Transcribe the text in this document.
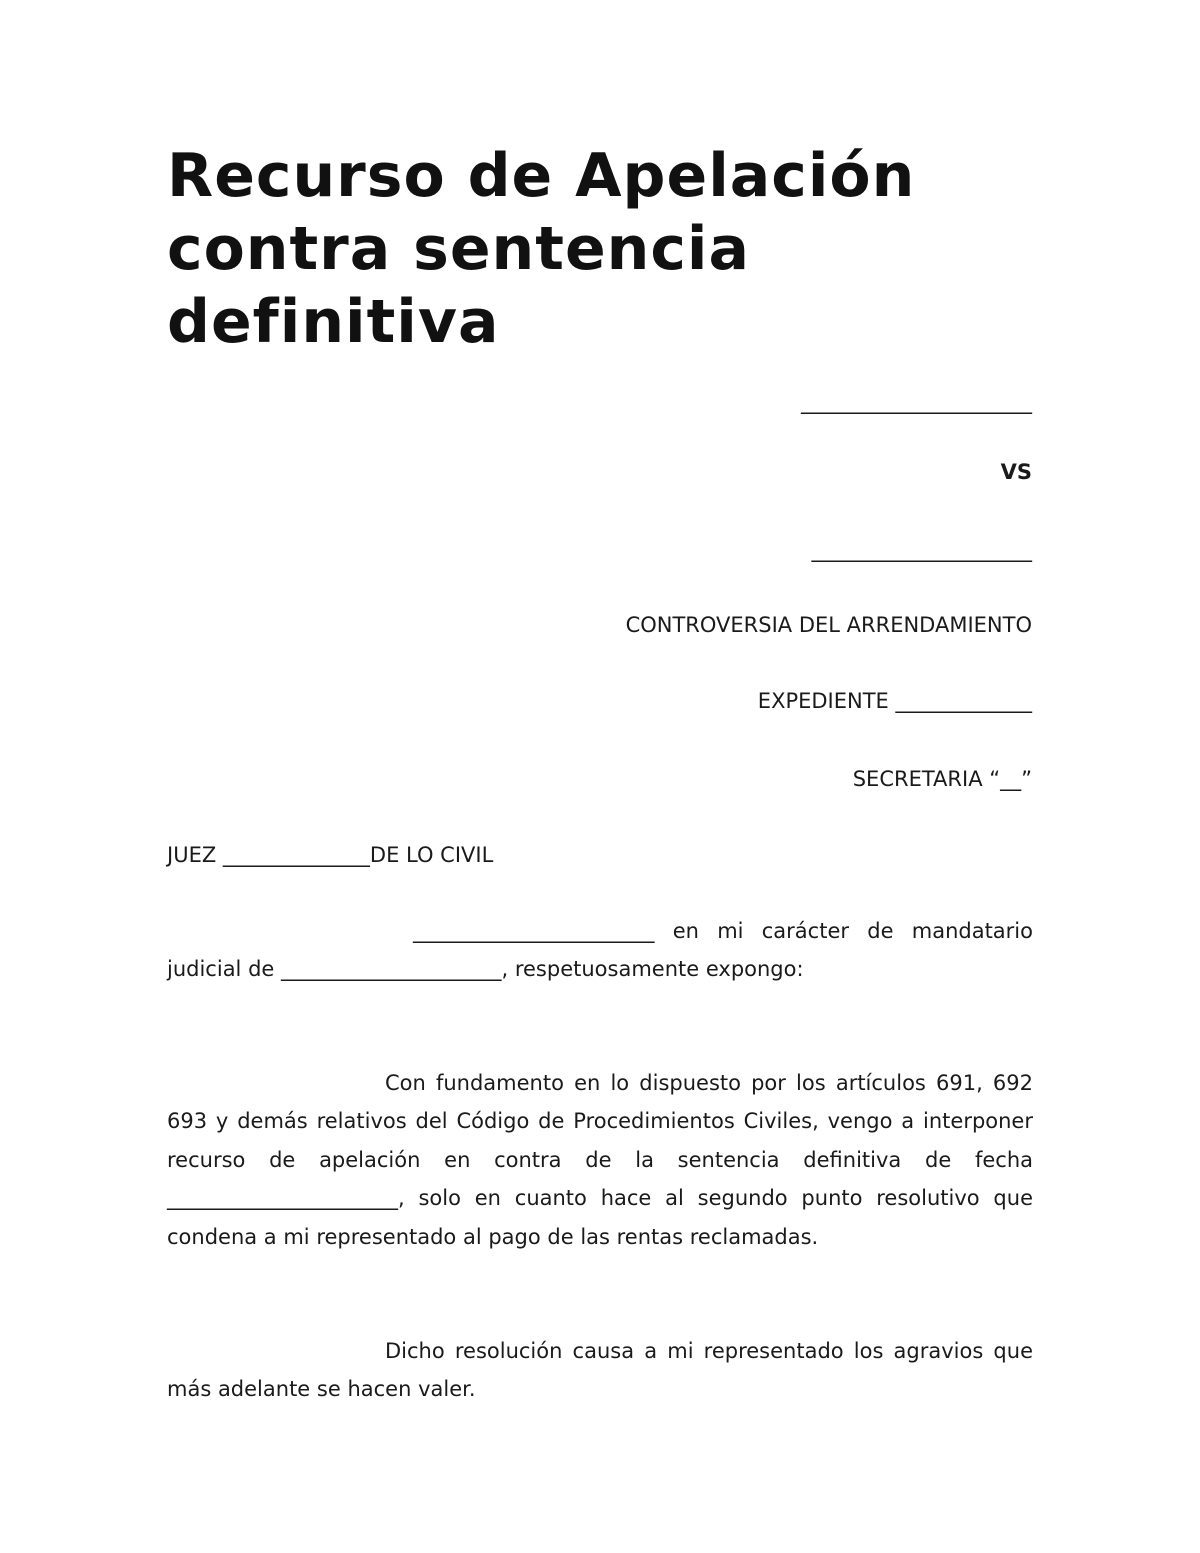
Recurso de Apelación
contra sentencia
definitiva
______________________
VS
_____________________
CONTROVERSIA DEL ARRENDAMIENTO
EXPEDIENTE _____________
SECRETARIA “__”
JUEZ ______________DE LO CIVIL

_______________________ en mi carácter de mandatario judicial de _____________________, respetuosamente expongo:

Con fundamento en lo dispuesto por los artículos 691, 692 693 y demás relativos del Código de Procedimientos Civiles, vengo a interponer recurso de apelación en contra de la sentencia definitiva de fecha ______________________, solo en cuanto hace al segundo punto resolutivo que condena a mi representado al pago de las rentas reclamadas.

Dicho resolución causa a mi representado los agravios que más adelante se hacen valer.
